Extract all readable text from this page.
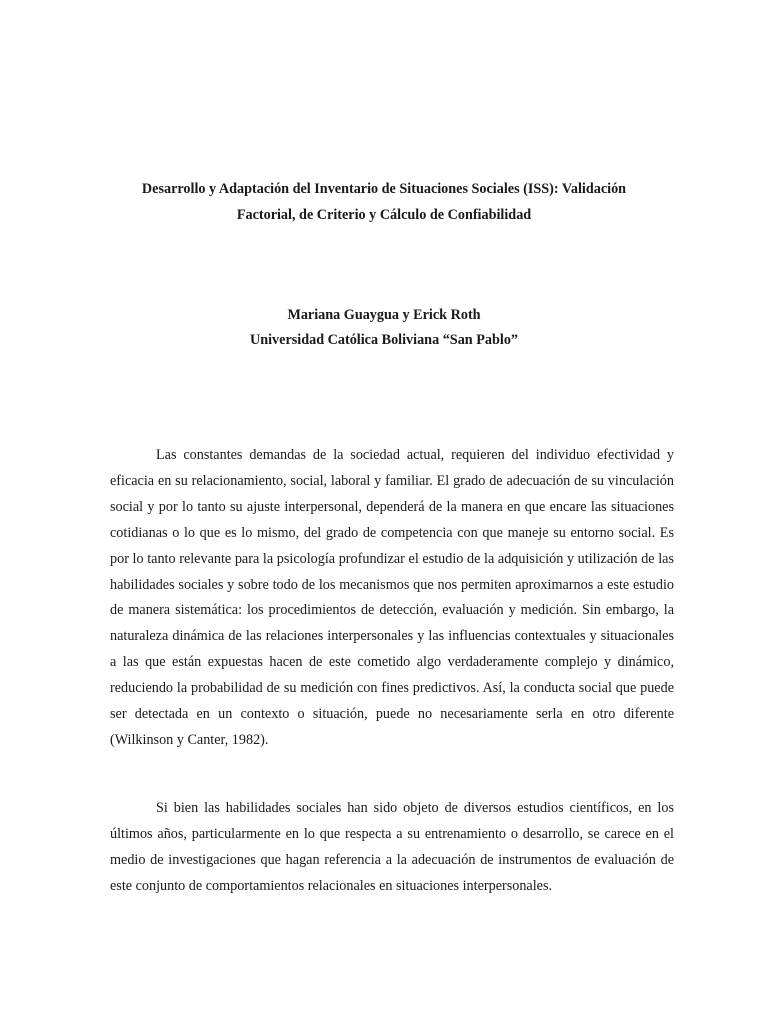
Desarrollo y Adaptación del Inventario de Situaciones Sociales (ISS): Validación
Factorial, de Criterio y Cálculo de Confiabilidad
Mariana Guaygua y Erick Roth
Universidad Católica Boliviana “San Pablo”

Las constantes demandas de la sociedad actual, requieren del individuo efectividad y eficacia en su relacionamiento, social, laboral y familiar. El grado de adecuación de su vinculación social y por lo tanto su ajuste interpersonal, dependerá de la manera en que encare las situaciones cotidianas o lo que es lo mismo, del grado de competencia con que maneje su entorno social. Es por lo tanto relevante para la psicología profundizar el estudio de la adquisición y utilización de las habilidades sociales y sobre todo de los mecanismos que nos permiten aproximarnos a este estudio de manera sistemática: los procedimientos de detección, evaluación y medición. Sin embargo, la naturaleza dinámica de las relaciones interpersonales y las influencias contextuales y situacionales a las que están expuestas hacen de este cometido algo verdaderamente complejo y dinámico, reduciendo la probabilidad de su medición con fines predictivos. Así, la conducta social que puede ser detectada en un contexto o situación, puede no necesariamente serla en otro diferente (Wilkinson y Canter, 1982).

Si bien las habilidades sociales han sido objeto de diversos estudios científicos, en los últimos años, particularmente en lo que respecta a su entrenamiento o desarrollo, se carece en el medio de investigaciones que hagan referencia a la adecuación de instrumentos de evaluación de este conjunto de comportamientos relacionales en situaciones interpersonales.
